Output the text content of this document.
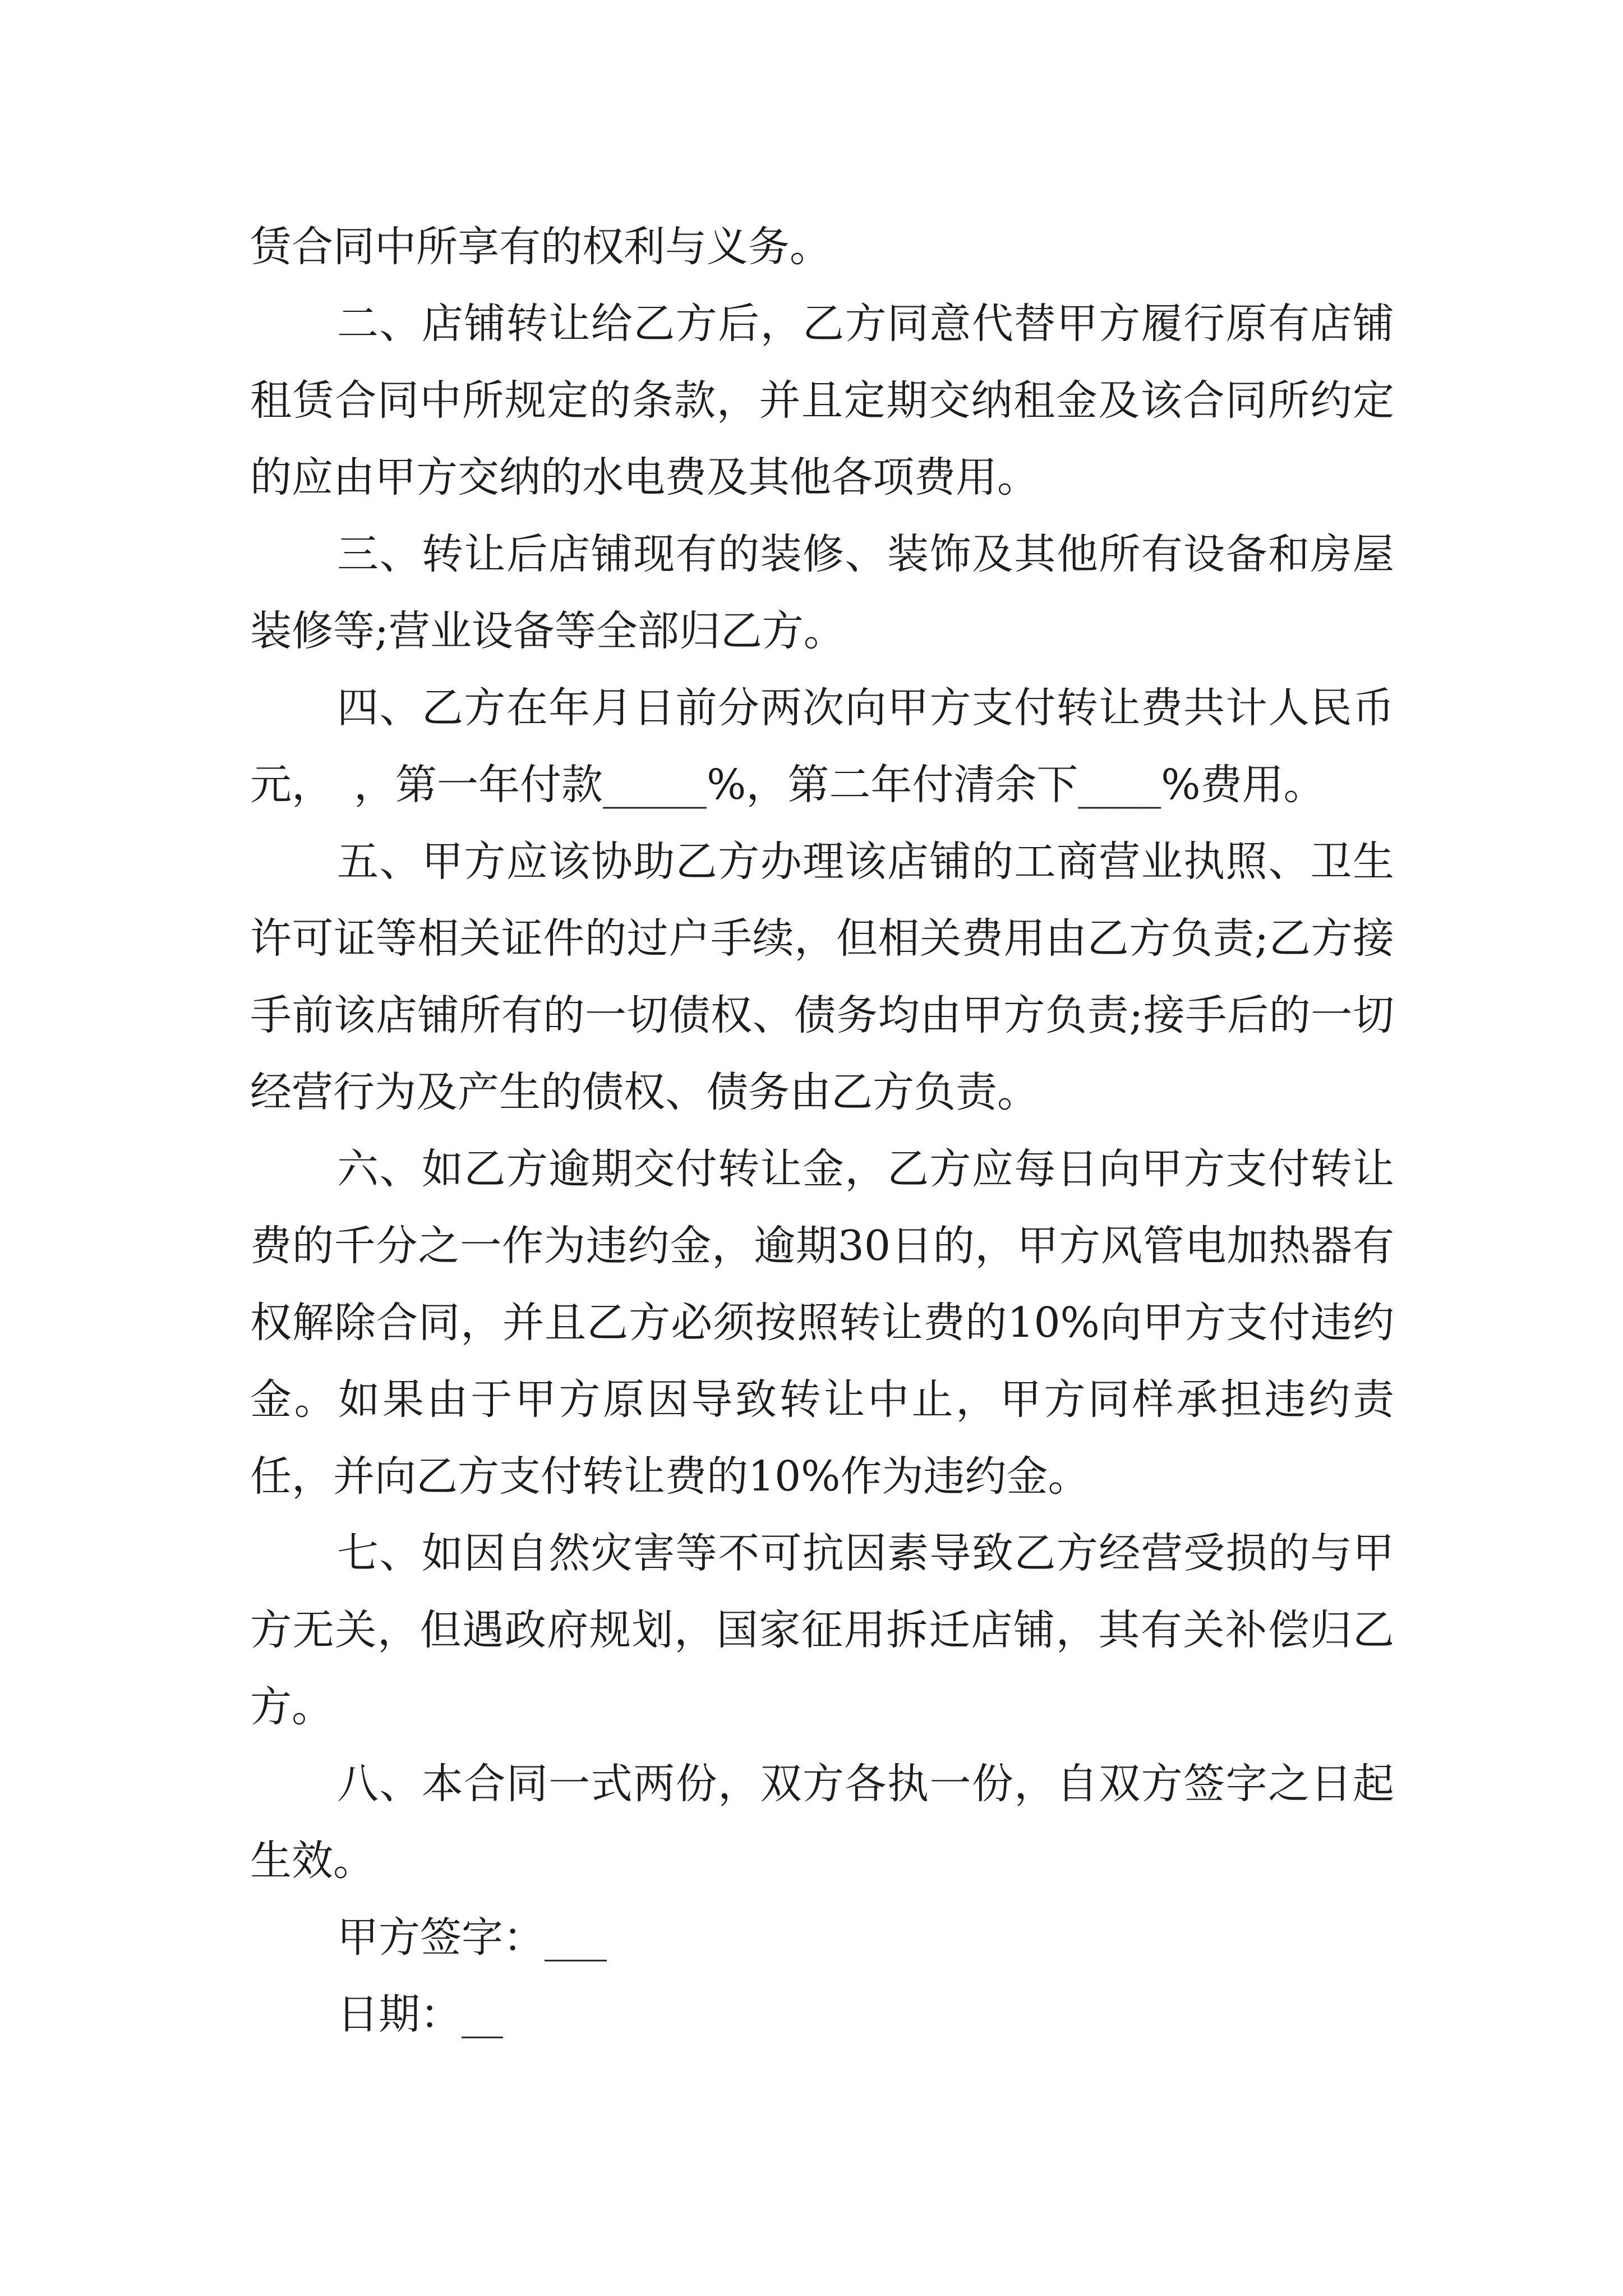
赁合同中所享有的权利与义务。

二、店铺转让给乙方后，乙方同意代替甲方履行原有店铺租赁合同中所规定的条款，并且定期交纳租金及该合同所约定的应由甲方交纳的水电费及其他各项费用。

三、转让后店铺现有的装修、装饰及其他所有设备和房屋装修等;营业设备等全部归乙方。

四、乙方在年月日前分两次向甲方支付转让费共计人民币元，　，第一年付款_____%，第二年付清余下____%费用。

五、甲方应该协助乙方办理该店铺的工商营业执照、卫生许可证等相关证件的过户手续，但相关费用由乙方负责;乙方接手前该店铺所有的一切债权、债务均由甲方负责;接手后的一切经营行为及产生的债权、债务由乙方负责。

六、如乙方逾期交付转让金，乙方应每日向甲方支付转让费的千分之一作为违约金，逾期30日的，甲方风管电加热器有权解除合同，并且乙方必须按照转让费的10%向甲方支付违约金。如果由于甲方原因导致转让中止，甲方同样承担违约责任，并向乙方支付转让费的10%作为违约金。

七、如因自然灾害等不可抗因素导致乙方经营受损的与甲方无关，但遇政府规划，国家征用拆迁店铺，其有关补偿归乙方。

八、本合同一式两份，双方各执一份，自双方签字之日起生效。

甲方签字：___

日期：__
